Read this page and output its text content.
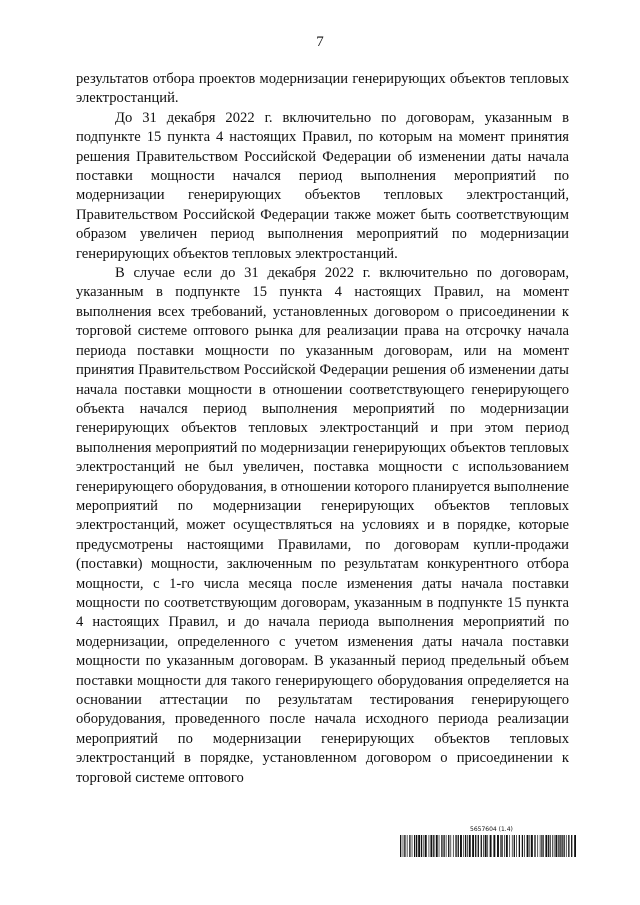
7

результатов отбора проектов модернизации генерирующих объектов тепловых электростанций.

До 31 декабря 2022 г. включительно по договорам, указанным в подпункте 15 пункта 4 настоящих Правил, по которым на момент принятия решения Правительством Российской Федерации об изменении даты начала поставки мощности начался период выполнения мероприятий по модернизации генерирующих объектов тепловых электростанций, Правительством Российской Федерации также может быть соответствующим образом увеличен период выполнения мероприятий по модернизации генерирующих объектов тепловых электростанций.

В случае если до 31 декабря 2022 г. включительно по договорам, указанным в подпункте 15 пункта 4 настоящих Правил, на момент выполнения всех требований, установленных договором о присоединении к торговой системе оптового рынка для реализации права на отсрочку начала периода поставки мощности по указанным договорам, или на момент принятия Правительством Российской Федерации решения об изменении даты начала поставки мощности в отношении соответствующего генерирующего объекта начался период выполнения мероприятий по модернизации генерирующих объектов тепловых электростанций и при этом период выполнения мероприятий по модернизации генерирующих объектов тепловых электростанций не был увеличен, поставка мощности с использованием генерирующего оборудования, в отношении которого планируется выполнение мероприятий по модернизации генерирующих объектов тепловых электростанций, может осуществляться на условиях и в порядке, которые предусмотрены настоящими Правилами, по договорам купли-продажи (поставки) мощности, заключенным по результатам конкурентного отбора мощности, с 1-го числа месяца после изменения даты начала поставки мощности по соответствующим договорам, указанным в подпункте 15 пункта 4 настоящих Правил, и до начала периода выполнения мероприятий по модернизации, определенного с учетом изменения даты начала поставки мощности по указанным договорам. В указанный период предельный объем поставки мощности для такого генерирующего оборудования определяется на основании аттестации по результатам тестирования генерирующего оборудования, проведенного после начала исходного периода реализации мероприятий по модернизации генерирующих объектов тепловых электростанций в порядке, установленном договором о присоединении к торговой системе оптового

5657604 (1.4)
